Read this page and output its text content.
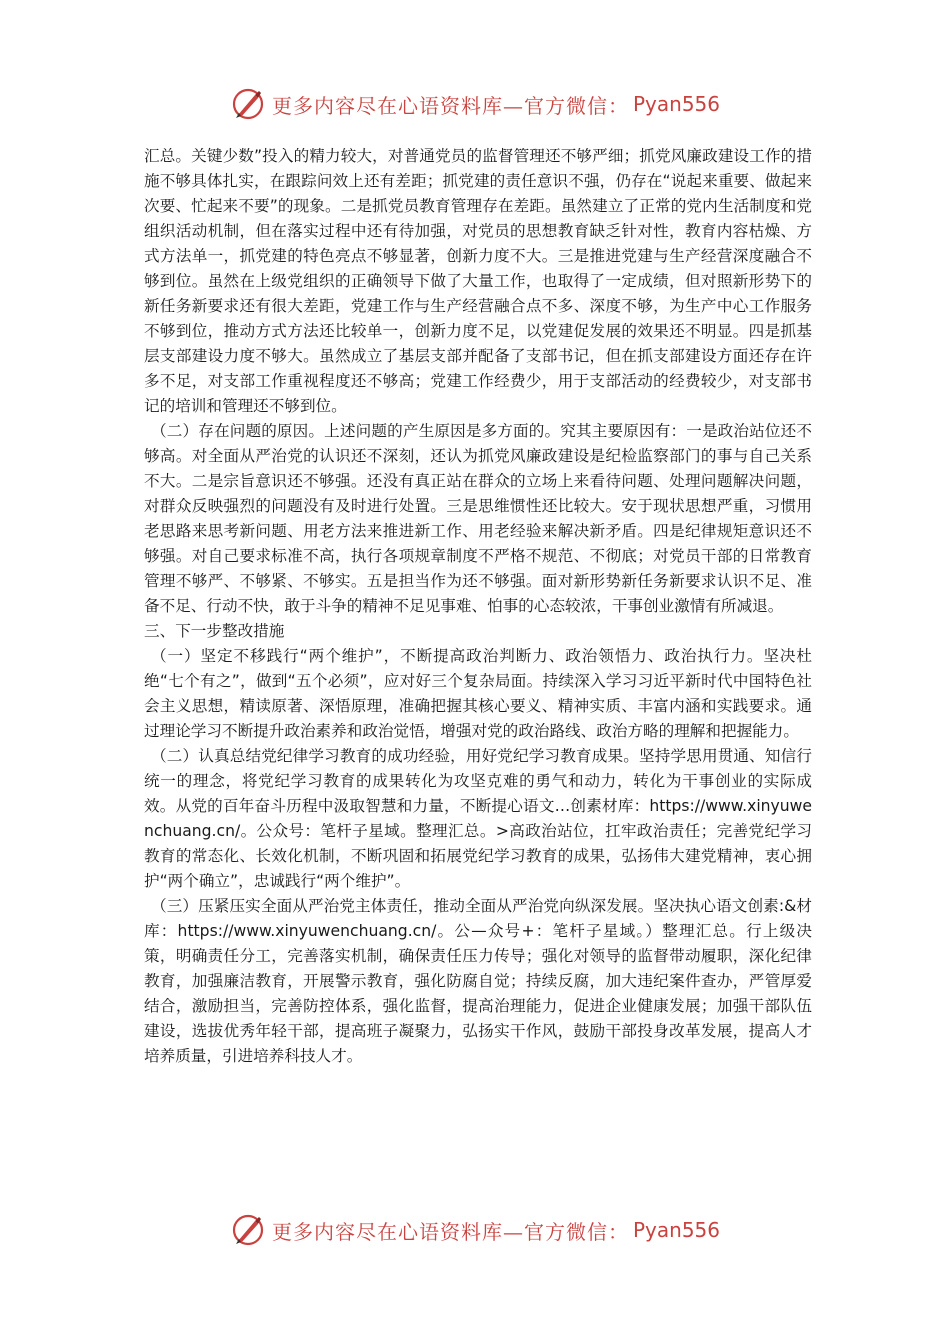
更多内容尽在心语资料库—官方微信： Pyan556

汇总。关键少数”投入的精力较大，对普通党员的监督管理还不够严细；抓党风廉政建设工作的措施不够具体扎实，在跟踪问效上还有差距；抓党建的责任意识不强，仍存在“说起来重要、做起来次要、忙起来不要”的现象。二是抓党员教育管理存在差距。虽然建立了正常的党内生活制度和党组织活动机制，但在落实过程中还有待加强，对党员的思想教育缺乏针对性，教育内容枯燥、方式方法单一，抓党建的特色亮点不够显著，创新力度不大。三是推进党建与生产经营深度融合不够到位。虽然在上级党组织的正确领导下做了大量工作，也取得了一定成绩，但对照新形势下的新任务新要求还有很大差距，党建工作与生产经营融合点不多、深度不够，为生产中心工作服务不够到位，推动方式方法还比较单一，创新力度不足，以党建促发展的效果还不明显。四是抓基层支部建设力度不够大。虽然成立了基层支部并配备了支部书记，但在抓支部建设方面还存在许多不足，对支部工作重视程度还不够高；党建工作经费少，用于支部活动的经费较少，对支部书记的培训和管理还不够到位。

（二）存在问题的原因。上述问题的产生原因是多方面的。究其主要原因有：一是政治站位还不够高。对全面从严治党的认识还不深刻，还认为抓党风廉政建设是纪检监察部门的事与自己关系不大。二是宗旨意识还不够强。还没有真正站在群众的立场上来看待问题、处理问题解决问题，对群众反映强烈的问题没有及时进行处置。三是思维惯性还比较大。安于现状思想严重，习惯用老思路来思考新问题、用老方法来推进新工作、用老经验来解决新矛盾。四是纪律规矩意识还不够强。对自己要求标准不高，执行各项规章制度不严格不规范、不彻底；对党员干部的日常教育管理不够严、不够紧、不够实。五是担当作为还不够强。面对新形势新任务新要求认识不足、准备不足、行动不快，敢于斗争的精神不足见事难、怕事的心态较浓，干事创业激情有所减退。

三、下一步整改措施

（一）坚定不移践行“两个维护”，不断提高政治判断力、政治领悟力、政治执行力。坚决杜绝“七个有之”，做到“五个必须”，应对好三个复杂局面。持续深入学习习近平新时代中国特色社会主义思想，精读原著、深悟原理，准确把握其核心要义、精神实质、丰富内涵和实践要求。通过理论学习不断提升政治素养和政治觉悟，增强对党的政治路线、政治方略的理解和把握能力。

（二）认真总结党纪律学习教育的成功经验，用好党纪学习教育成果。坚持学思用贯通、知信行统一的理念，将党纪学习教育的成果转化为攻坚克难的勇气和动力，转化为干事创业的实际成效。从党的百年奋斗历程中汲取智慧和力量，不断提心语文…创素材库：https://www.xinyuwenchuang.cn/。公众号：笔杆子星域。整理汇总。>高政治站位，扛牢政治责任；完善党纪学习教育的常态化、长效化机制，不断巩固和拓展党纪学习教育的成果，弘扬伟大建党精神，衷心拥护“两个确立”，忠诚践行“两个维护”。

（三）压紧压实全面从严治党主体责任，推动全面从严治党向纵深发展。坚决执心语文创素:&材库：https://www.xinyuwenchuang.cn/。公—众号+：笔杆子星域。）整理汇总。行上级决策，明确责任分工，完善落实机制，确保责任压力传导；强化对领导的监督带动履职，深化纪律教育，加强廉洁教育，开展警示教育，强化防腐自觉；持续反腐，加大违纪案件查办，严管厚爱结合，激励担当，完善防控体系，强化监督，提高治理能力，促进企业健康发展；加强干部队伍建设，选拔优秀年轻干部，提高班子凝聚力，弘扬实干作风，鼓励干部投身改革发展，提高人才培养质量，引进培养科技人才。

更多内容尽在心语资料库—官方微信： Pyan556
